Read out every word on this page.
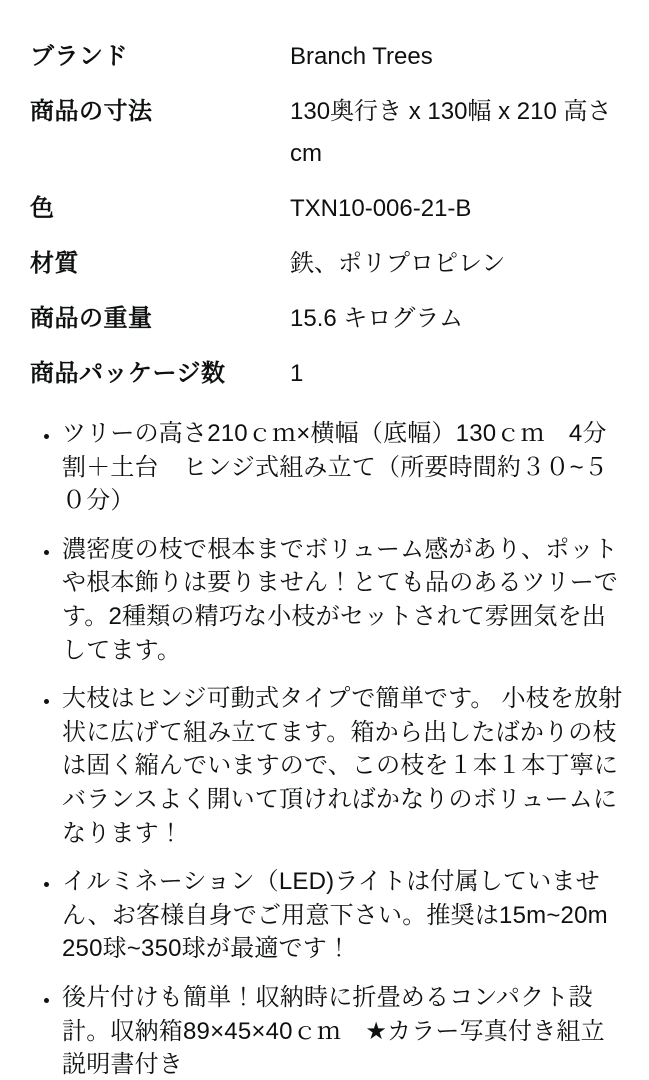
ブランド	Branch Trees
商品の寸法	130奥行き x 130幅 x 210 高さ cm
色	TXN10-006-21-B
材質	鉄、ポリプロピレン
商品の重量	15.6 キログラム
商品パッケージ数	1
• ツリーの高さ210ｃｍ×横幅（底幅）130ｃｍ　4分割＋土台　ヒンジ式組み立て（所要時間約３０~５０分）
• 濃密度の枝で根本までボリューム感があり、ポットや根本飾りは要りません！とても品のあるツリーです。2種類の精巧な小枝がセットされて雰囲気を出してます。
• 大枝はヒンジ可動式タイプで簡単です。 小枝を放射状に広げて組み立てます。箱から出したばかりの枝は固く縮んでいますので、この枝を１本１本丁寧にバランスよく開いて頂ければかなりのボリュームになります！
• イルミネーション（LED)ライトは付属していません、お客様自身でご用意下さい。推奨は15m~20m　250球~350球が最適です！
• 後片付けも簡単！収納時に折畳めるコンパクト設計。収納箱89×45×40ｃｍ　★カラー写真付き組立説明書付き
